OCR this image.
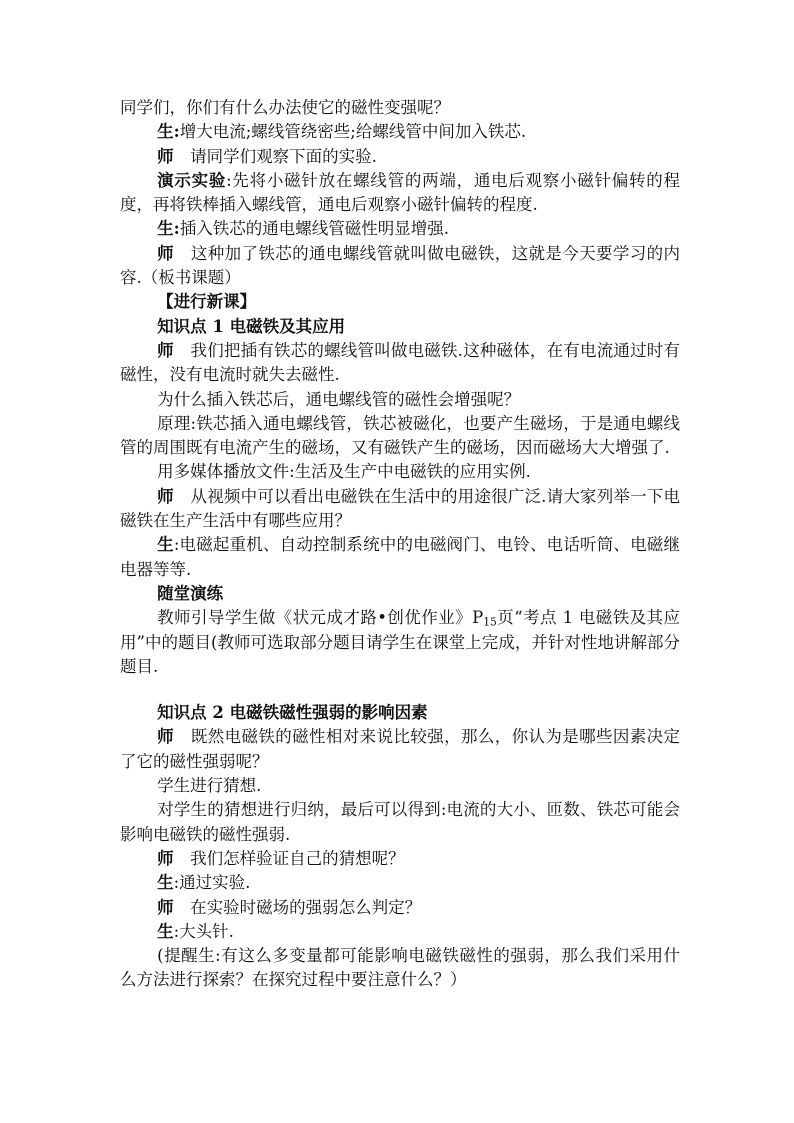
同学们，你们有什么办法使它的磁性变强呢？

生:增大电流;螺线管绕密些;给螺线管中间加入铁芯.

师　请同学们观察下面的实验.

演示实验:先将小磁针放在螺线管的两端，通电后观察小磁针偏转的程度，再将铁棒插入螺线管，通电后观察小磁针偏转的程度.

生:插入铁芯的通电螺线管磁性明显增强.

师　这种加了铁芯的通电螺线管就叫做电磁铁，这就是今天要学习的内容.（板书课题）

【进行新课】

知识点 1 电磁铁及其应用

师　我们把插有铁芯的螺线管叫做电磁铁.这种磁体，在有电流通过时有磁性，没有电流时就失去磁性.

为什么插入铁芯后，通电螺线管的磁性会增强呢？

原理:铁芯插入通电螺线管，铁芯被磁化，也要产生磁场，于是通电螺线管的周围既有电流产生的磁场，又有磁铁产生的磁场，因而磁场大大增强了.

用多媒体播放文件:生活及生产中电磁铁的应用实例.

师　从视频中可以看出电磁铁在生活中的用途很广泛.请大家列举一下电磁铁在生产生活中有哪些应用？

生:电磁起重机、自动控制系统中的电磁阀门、电铃、电话听筒、电磁继电器等等.

随堂演练

教师引导学生做《状元成才路•创优作业》$P_{15}$页“考点 1 电磁铁及其应用”中的题目(教师可选取部分题目请学生在课堂上完成，并针对性地讲解部分题目.

知识点 2 电磁铁磁性强弱的影响因素

师　既然电磁铁的磁性相对来说比较强，那么，你认为是哪些因素决定了它的磁性强弱呢？

学生进行猜想.

对学生的猜想进行归纳，最后可以得到:电流的大小、匝数、铁芯可能会影响电磁铁的磁性强弱.

师　我们怎样验证自己的猜想呢？

生:通过实验.

师　在实验时磁场的强弱怎么判定？

生:大头针.

(提醒生:有这么多变量都可能影响电磁铁磁性的强弱，那么我们采用什么方法进行探索？在探究过程中要注意什么？）
